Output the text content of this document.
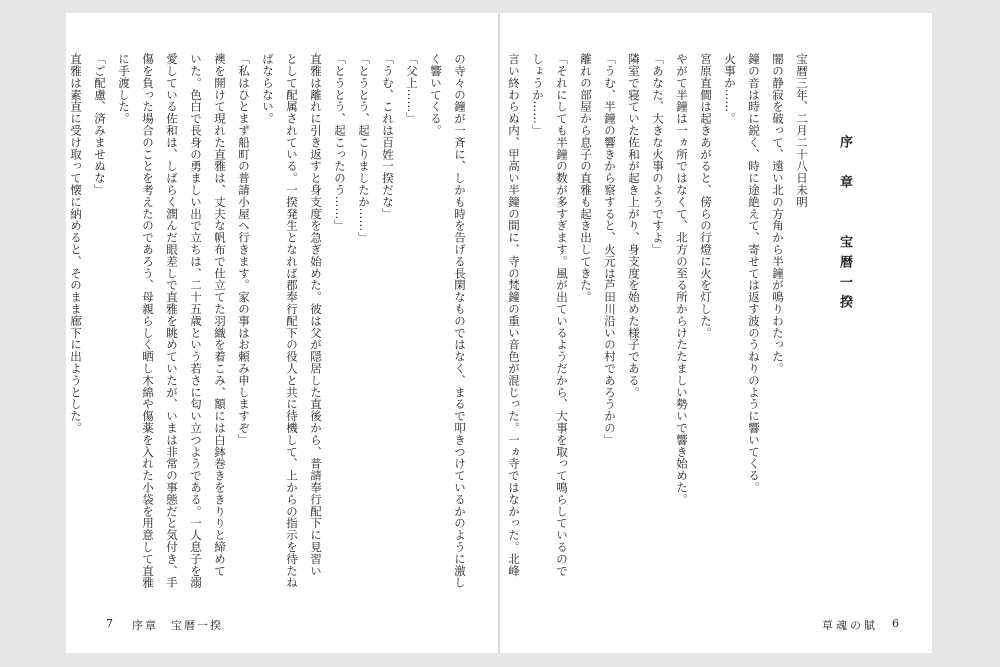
の寺々の鐘が一斉に、しかも時を告げる長閑なものではなく、まるで叩きつけているかのように激し
く響いてくる。
「父上……」
「うむ、これは百姓一揆だな」
「とうとう、起こりましたか……」
「とうとう、起こったのう……」
直雅は離れに引き返すと身支度を急ぎ始めた。彼は父が隠居した直後から、普請奉行配下に見習い
として配属されている。一揆発生となれば郡奉行配下の役人と共に待機して、上からの指示を待たね
ばならない。
「私はひとまず船町の普請小屋へ行きます。家の事はお頼み申しますぞ」
襖を開けて現れた直雅は、丈夫な帆布で仕立てた羽織を着こみ、額には白鉢巻きをきりりと締めて
いた。色白で長身の勇ましい出で立ちは、二十五歳という若さに匂い立つようである。一人息子を溺
愛している佐和は、しばらく潤んだ眼差しで直雅を眺めていたが、いまは非常の事態だと気付き、手
傷を負った場合のことを考えたのであろう、母親らしく晒し木綿や傷薬を入れた小袋を用意して直雅
に手渡した。
「ご配慮、済みませぬな」
直雅は素直に受け取って懐に納めると、そのまま廊下に出ようとした。
7 序章　宝暦一揆
序　章　　宝暦一揆
宝暦三年、二月二十八日未明
闇の静寂を破って、遠い北の方角から半鐘が鳴りわたった。
鐘の音は時に鋭く、時に途絶えて、寄せては返す波のうねりのように響いてくる。
火事か……。
宮原直僴は起きあがると、傍らの行燈に火を灯した。
やがて半鐘は一ヵ所ではなくて、北方の至る所からけたたましい勢いで響き始めた。
「あなた、大きな火事のようですよ」
隣室で寝ていた佐和が起き上がり、身支度を始めた様子である。
「うむ、半鐘の響きから察すると、火元は芦田川沿いの村であろうかの」
離れの部屋から息子の直雅も起き出してきた。
「それにしても半鐘の数が多すぎます。風が出ているようだから、大事を取って鳴らしているので
しょうか……」
言い終わらぬ内、甲高い半鐘の間に、寺の梵鐘の重い音色が混じった。一ヵ寺ではなかった。北峰
草魂の賦 6
